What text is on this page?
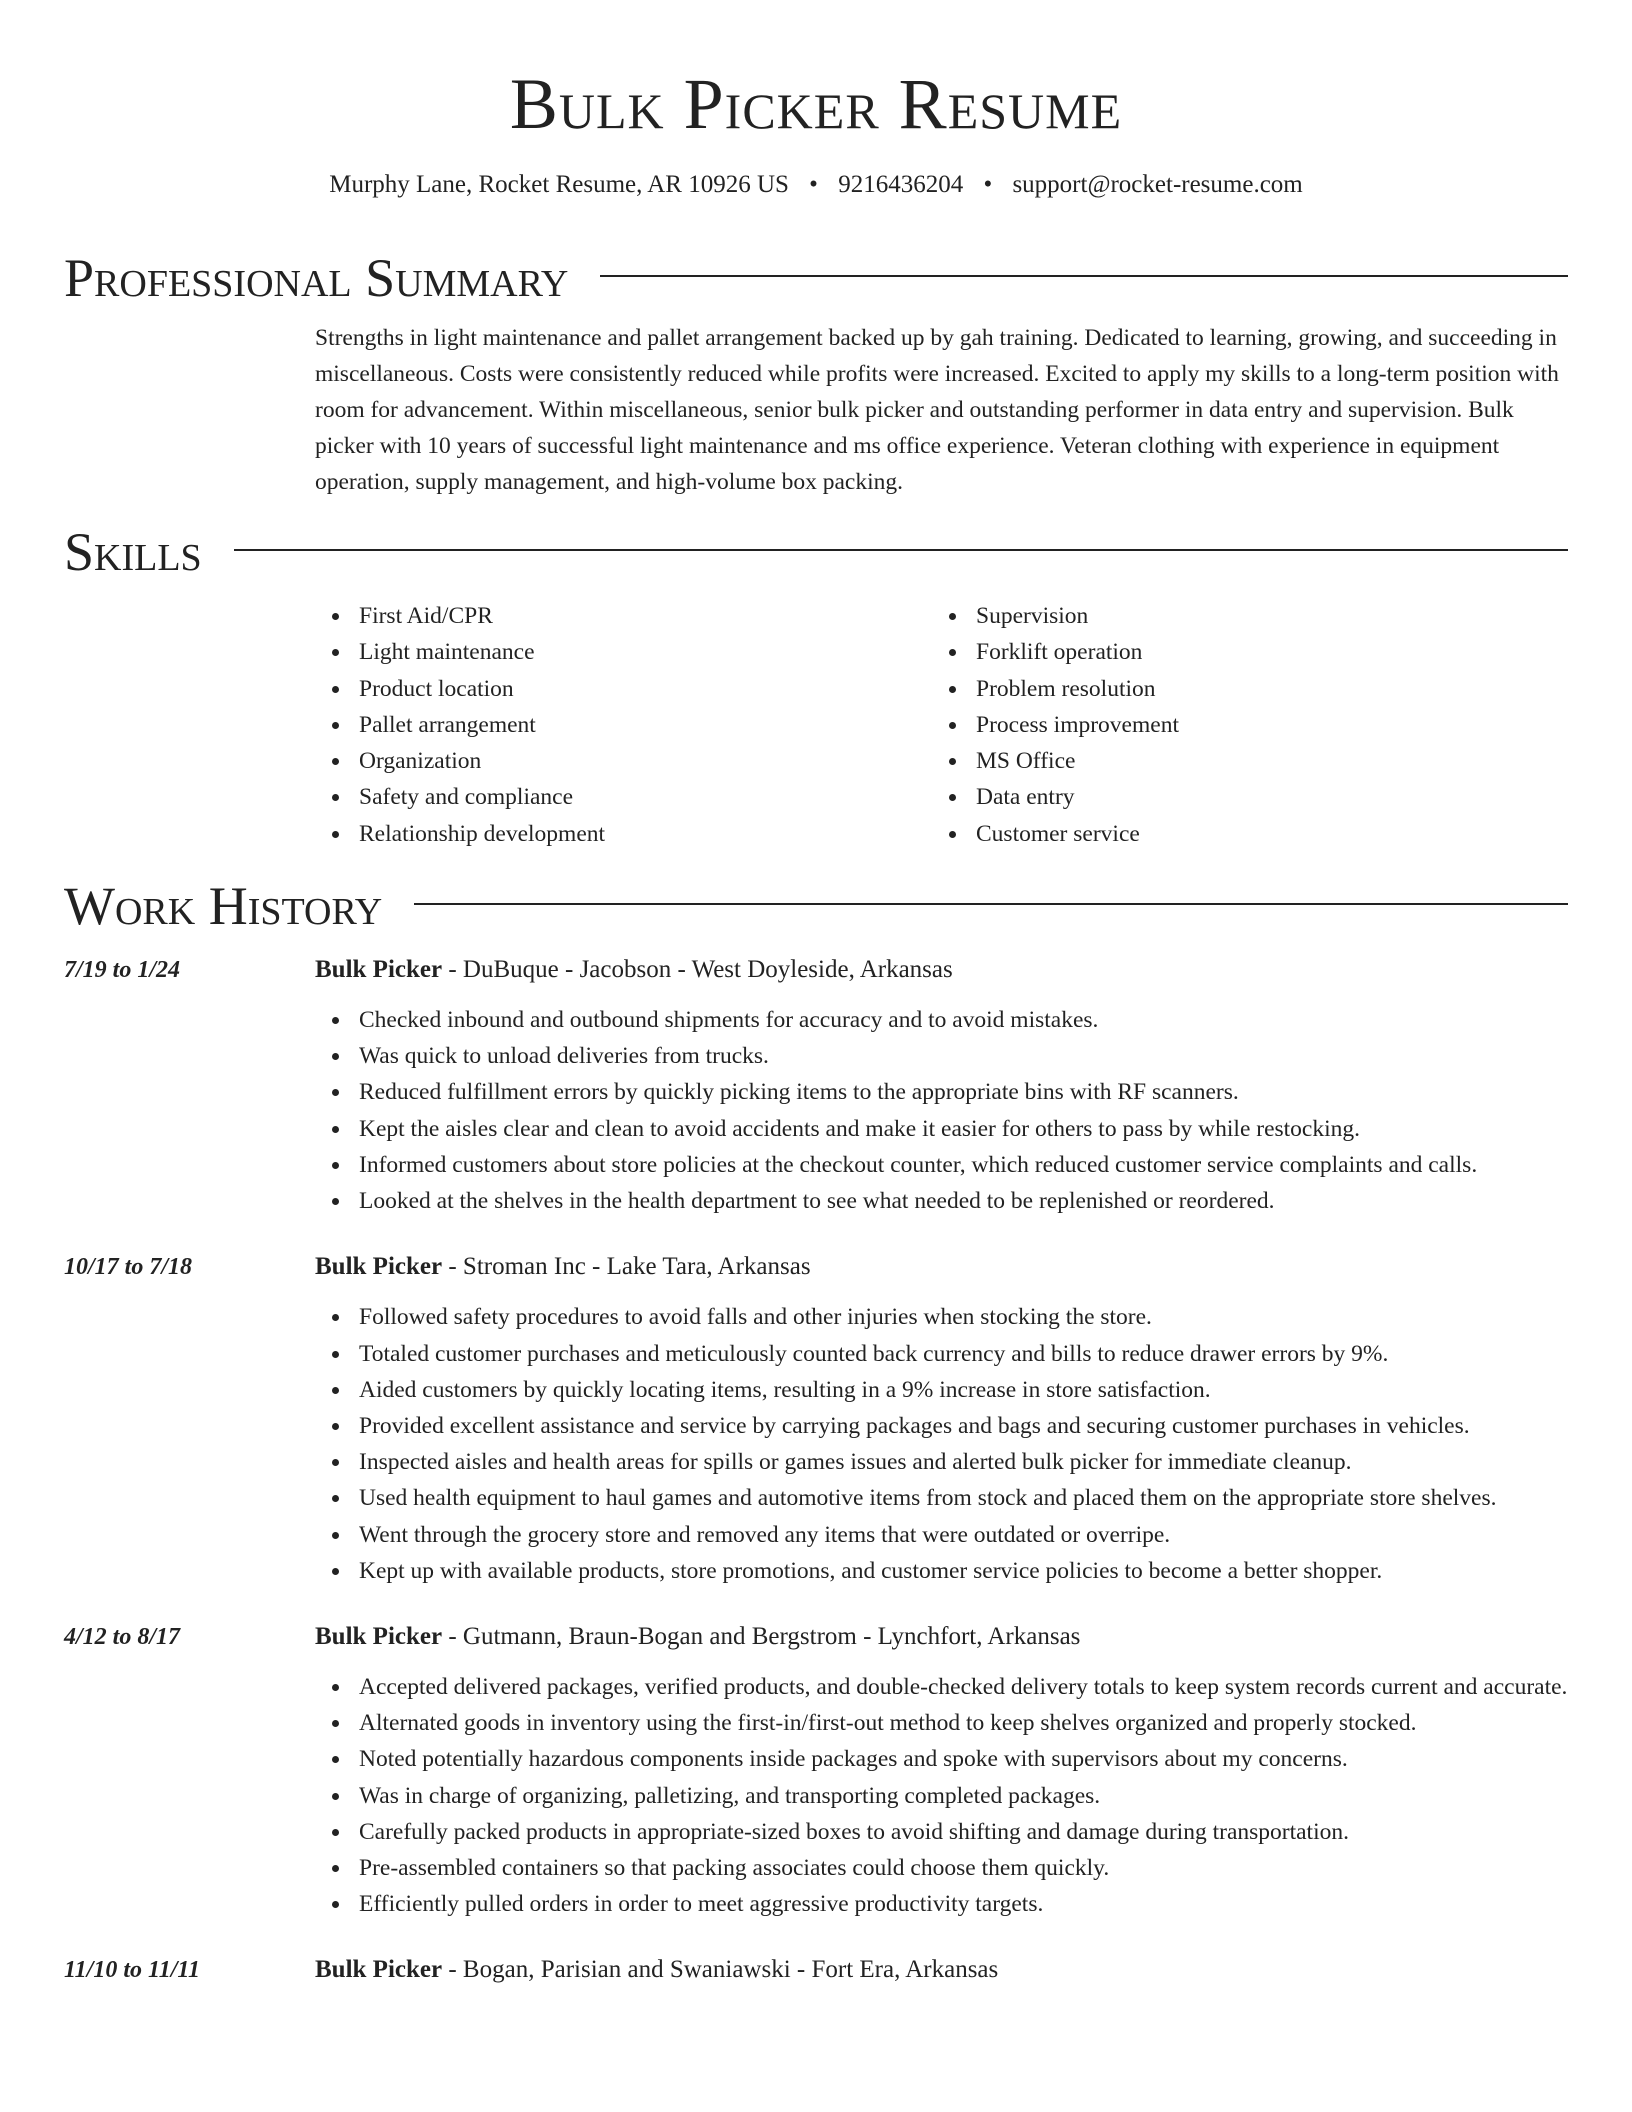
Bulk Picker Resume
Murphy Lane, Rocket Resume, AR 10926 US • 9216436204 • support@rocket-resume.com
Professional Summary
Strengths in light maintenance and pallet arrangement backed up by gah training. Dedicated to learning, growing, and succeeding in miscellaneous. Costs were consistently reduced while profits were increased. Excited to apply my skills to a long-term position with room for advancement. Within miscellaneous, senior bulk picker and outstanding performer in data entry and supervision. Bulk picker with 10 years of successful light maintenance and ms office experience. Veteran clothing with experience in equipment operation, supply management, and high-volume box packing.
Skills
First Aid/CPR
Light maintenance
Product location
Pallet arrangement
Organization
Safety and compliance
Relationship development
Supervision
Forklift operation
Problem resolution
Process improvement
MS Office
Data entry
Customer service
Work History
7/19 to 1/24	Bulk Picker - DuBuque - Jacobson - West Doyleside, Arkansas
Checked inbound and outbound shipments for accuracy and to avoid mistakes.
Was quick to unload deliveries from trucks.
Reduced fulfillment errors by quickly picking items to the appropriate bins with RF scanners.
Kept the aisles clear and clean to avoid accidents and make it easier for others to pass by while restocking.
Informed customers about store policies at the checkout counter, which reduced customer service complaints and calls.
Looked at the shelves in the health department to see what needed to be replenished or reordered.
10/17 to 7/18	Bulk Picker - Stroman Inc - Lake Tara, Arkansas
Followed safety procedures to avoid falls and other injuries when stocking the store.
Totaled customer purchases and meticulously counted back currency and bills to reduce drawer errors by 9%.
Aided customers by quickly locating items, resulting in a 9% increase in store satisfaction.
Provided excellent assistance and service by carrying packages and bags and securing customer purchases in vehicles.
Inspected aisles and health areas for spills or games issues and alerted bulk picker for immediate cleanup.
Used health equipment to haul games and automotive items from stock and placed them on the appropriate store shelves.
Went through the grocery store and removed any items that were outdated or overripe.
Kept up with available products, store promotions, and customer service policies to become a better shopper.
4/12 to 8/17	Bulk Picker - Gutmann, Braun-Bogan and Bergstrom - Lynchfort, Arkansas
Accepted delivered packages, verified products, and double-checked delivery totals to keep system records current and accurate.
Alternated goods in inventory using the first-in/first-out method to keep shelves organized and properly stocked.
Noted potentially hazardous components inside packages and spoke with supervisors about my concerns.
Was in charge of organizing, palletizing, and transporting completed packages.
Carefully packed products in appropriate-sized boxes to avoid shifting and damage during transportation.
Pre-assembled containers so that packing associates could choose them quickly.
Efficiently pulled orders in order to meet aggressive productivity targets.
11/10 to 11/11	Bulk Picker - Bogan, Parisian and Swaniawski - Fort Era, Arkansas
